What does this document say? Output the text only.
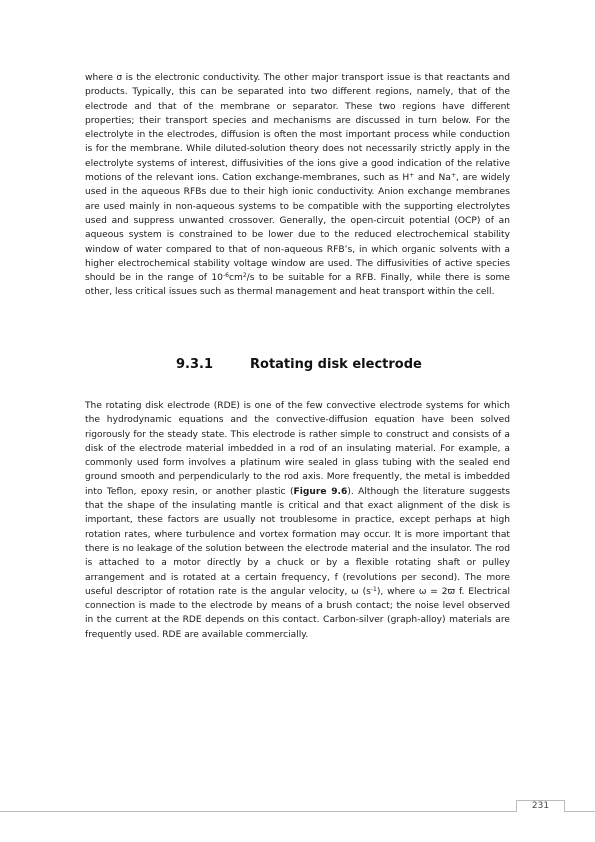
where σ is the electronic conductivity. The other major transport issue is that reactants and products. Typically, this can be separated into two different regions, namely, that of the electrode and that of the membrane or separator. These two regions have different properties; their transport species and mechanisms are discussed in turn below. For the electrolyte in the electrodes, diffusion is often the most important process while conduction is for the membrane. While diluted-solution theory does not necessarily strictly apply in the electrolyte systems of interest, diffusivities of the ions give a good indication of the relative motions of the relevant ions. Cation exchange-membranes, such as H+ and Na+, are widely used in the aqueous RFBs due to their high ionic conductivity. Anion exchange membranes are used mainly in non-aqueous systems to be compatible with the supporting electrolytes used and suppress unwanted crossover. Generally, the open-circuit potential (OCP) of an aqueous system is constrained to be lower due to the reduced electrochemical stability window of water compared to that of non-aqueous RFB’s, in which organic solvents with a higher electrochemical stability voltage window are used. The diffusivities of active species should be in the range of $10^{-6}cm^2/s$ to be suitable for a RFB. Finally, while there is some other, less critical issues such as thermal management and heat transport within the cell.

9.3.1	Rotating disk electrode

The rotating disk electrode (RDE) is one of the few convective electrode systems for which the hydrodynamic equations and the convective-diffusion equation have been solved rigorously for the steady state. This electrode is rather simple to construct and consists of a disk of the electrode material imbedded in a rod of an insulating material. For example, a commonly used form involves a platinum wire sealed in glass tubing with the sealed end ground smooth and perpendicularly to the rod axis. More frequently, the metal is imbedded into Teflon, epoxy resin, or another plastic (Figure 9.6). Although the literature suggests that the shape of the insulating mantle is critical and that exact alignment of the disk is important, these factors are usually not troublesome in practice, except perhaps at high rotation rates, where turbulence and vortex formation may occur. It is more important that there is no leakage of the solution between the electrode material and the insulator. The rod is attached to a motor directly by a chuck or by a flexible rotating shaft or pulley arrangement and is rotated at a certain frequency, f (revolutions per second). The more useful descriptor of rotation rate is the angular velocity, ω $(s^{-1})$, where ω = 2ϖ f. Electrical connection is made to the electrode by means of a brush contact; the noise level observed in the current at the RDE depends on this contact. Carbon-silver (graph-alloy) materials are frequently used. RDE are available commercially.

231
